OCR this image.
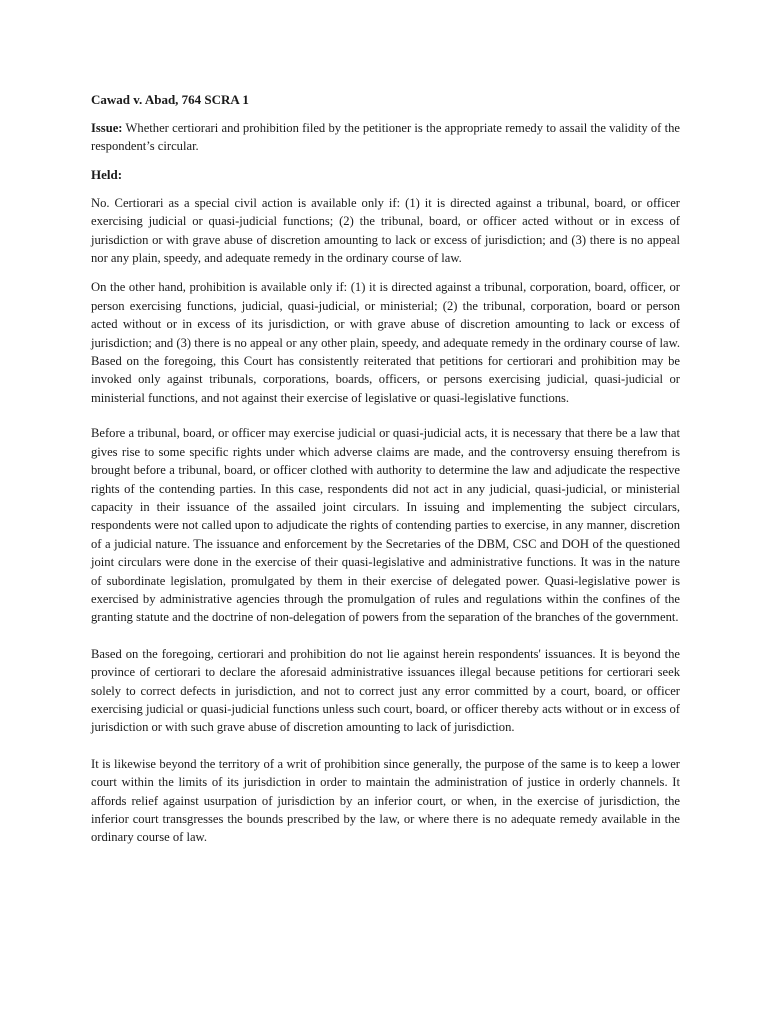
Cawad v. Abad, 764 SCRA 1

Issue: Whether certiorari and prohibition filed by the petitioner is the appropriate remedy to assail the validity of the respondent’s circular.

Held:

No. Certiorari as a special civil action is available only if: (1) it is directed against a tribunal, board, or officer exercising judicial or quasi-judicial functions; (2) the tribunal, board, or officer acted without or in excess of jurisdiction or with grave abuse of discretion amounting to lack or excess of jurisdiction; and (3) there is no appeal nor any plain, speedy, and adequate remedy in the ordinary course of law.

On the other hand, prohibition is available only if: (1) it is directed against a tribunal, corporation, board, officer, or person exercising functions, judicial, quasi-judicial, or ministerial; (2) the tribunal, corporation, board or person acted without or in excess of its jurisdiction, or with grave abuse of discretion amounting to lack or excess of jurisdiction; and (3) there is no appeal or any other plain, speedy, and adequate remedy in the ordinary course of law. Based on the foregoing, this Court has consistently reiterated that petitions for certiorari and prohibition may be invoked only against tribunals, corporations, boards, officers, or persons exercising judicial, quasi-judicial or ministerial functions, and not against their exercise of legislative or quasi-legislative functions.

Before a tribunal, board, or officer may exercise judicial or quasi-judicial acts, it is necessary that there be a law that gives rise to some specific rights under which adverse claims are made, and the controversy ensuing therefrom is brought before a tribunal, board, or officer clothed with authority to determine the law and adjudicate the respective rights of the contending parties. In this case, respondents did not act in any judicial, quasi-judicial, or ministerial capacity in their issuance of the assailed joint circulars. In issuing and implementing the subject circulars, respondents were not called upon to adjudicate the rights of contending parties to exercise, in any manner, discretion of a judicial nature. The issuance and enforcement by the Secretaries of the DBM, CSC and DOH of the questioned joint circulars were done in the exercise of their quasi-legislative and administrative functions. It was in the nature of subordinate legislation, promulgated by them in their exercise of delegated power. Quasi-legislative power is exercised by administrative agencies through the promulgation of rules and regulations within the confines of the granting statute and the doctrine of non-delegation of powers from the separation of the branches of the government.

Based on the foregoing, certiorari and prohibition do not lie against herein respondents' issuances. It is beyond the province of certiorari to declare the aforesaid administrative issuances illegal because petitions for certiorari seek solely to correct defects in jurisdiction, and not to correct just any error committed by a court, board, or officer exercising judicial or quasi-judicial functions unless such court, board, or officer thereby acts without or in excess of jurisdiction or with such grave abuse of discretion amounting to lack of jurisdiction.

It is likewise beyond the territory of a writ of prohibition since generally, the purpose of the same is to keep a lower court within the limits of its jurisdiction in order to maintain the administration of justice in orderly channels. It affords relief against usurpation of jurisdiction by an inferior court, or when, in the exercise of jurisdiction, the inferior court transgresses the bounds prescribed by the law, or where there is no adequate remedy available in the ordinary course of law.
